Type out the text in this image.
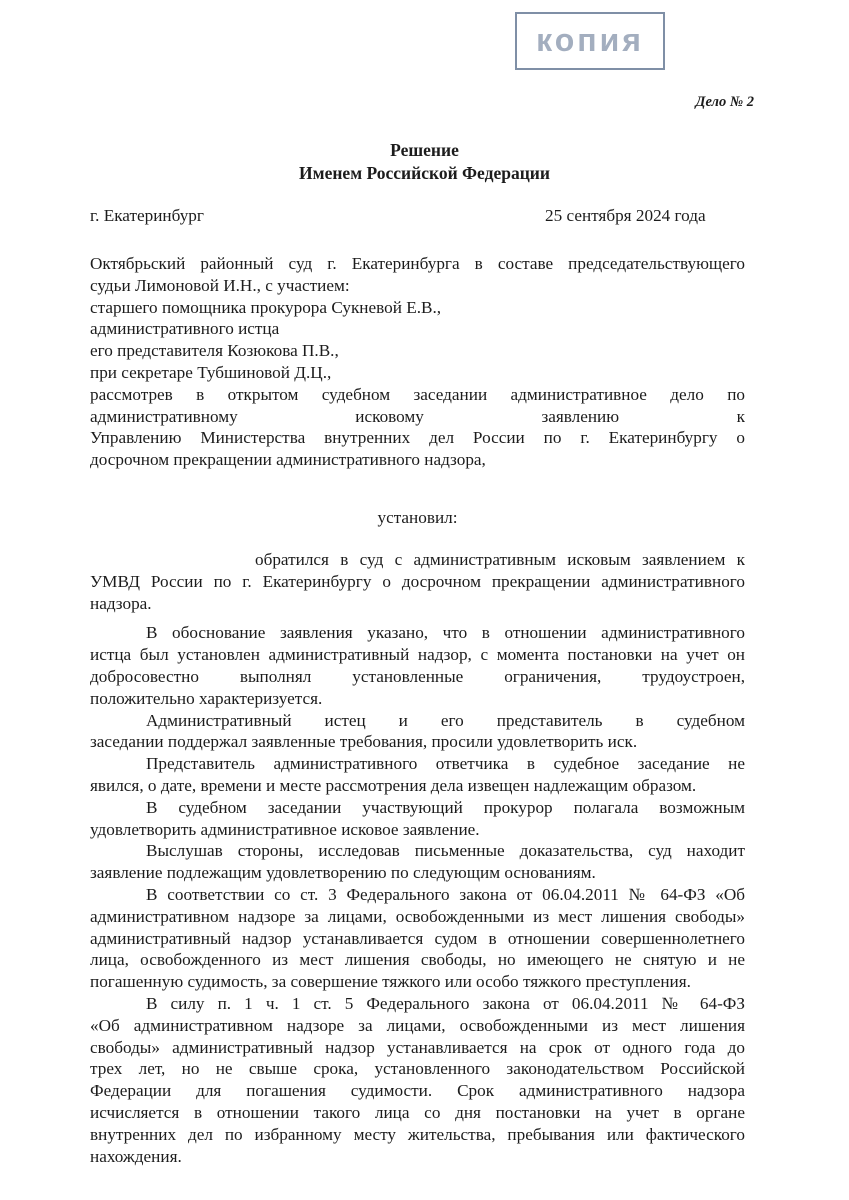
копия
Дело № 2
Решение
Именем Российской Федерации
г. Екатеринбург	25 сентября 2024 года
Октябрьский районный суд г. Екатеринбурга в составе председательствующего
судьи Лимоновой И.Н., с участием:
старшего помощника прокурора Сукневой Е.В.,
административного истца
его представителя Козюкова П.В.,
при секретаре Тубшиновой Д.Ц.,
рассмотрев в открытом судебном заседании административное дело по
административному исковому заявлению к
Управлению Министерства внутренних дел России по г. Екатеринбургу о
досрочном прекращении административного надзора,
установил:
обратился в суд с административным исковым заявлением к
УМВД России по г. Екатеринбургу о досрочном прекращении административного
надзора.
В обоснование заявления указано, что в отношении административного
истца был установлен административный надзор, с момента постановки на учет он
добросовестно выполнял установленные ограничения, трудоустроен,
положительно характеризуется.
Административный истец и его представитель в судебном
заседании поддержал заявленные требования, просили удовлетворить иск.
Представитель административного ответчика в судебное заседание не
явился, о дате, времени и месте рассмотрения дела извещен надлежащим образом.
В судебном заседании участвующий прокурор полагала возможным
удовлетворить административное исковое заявление.
Выслушав стороны, исследовав письменные доказательства, суд находит
заявление подлежащим удовлетворению по следующим основаниям.
В соответствии со ст. 3 Федерального закона от 06.04.2011 № 64-ФЗ «Об
административном надзоре за лицами, освобожденными из мест лишения свободы»
административный надзор устанавливается судом в отношении совершеннолетнего
лица, освобожденного из мест лишения свободы, но имеющего не снятую и не
погашенную судимость, за совершение тяжкого или особо тяжкого преступления.
В силу п. 1 ч. 1 ст. 5 Федерального закона от 06.04.2011 № 64-ФЗ
«Об административном надзоре за лицами, освобожденными из мест лишения
свободы» административный надзор устанавливается на срок от одного года до
трех лет, но не свыше срока, установленного законодательством Российской
Федерации для погашения судимости. Срок административного надзора
исчисляется в отношении такого лица со дня постановки на учет в органе
внутренних дел по избранному месту жительства, пребывания или фактического
нахождения.
